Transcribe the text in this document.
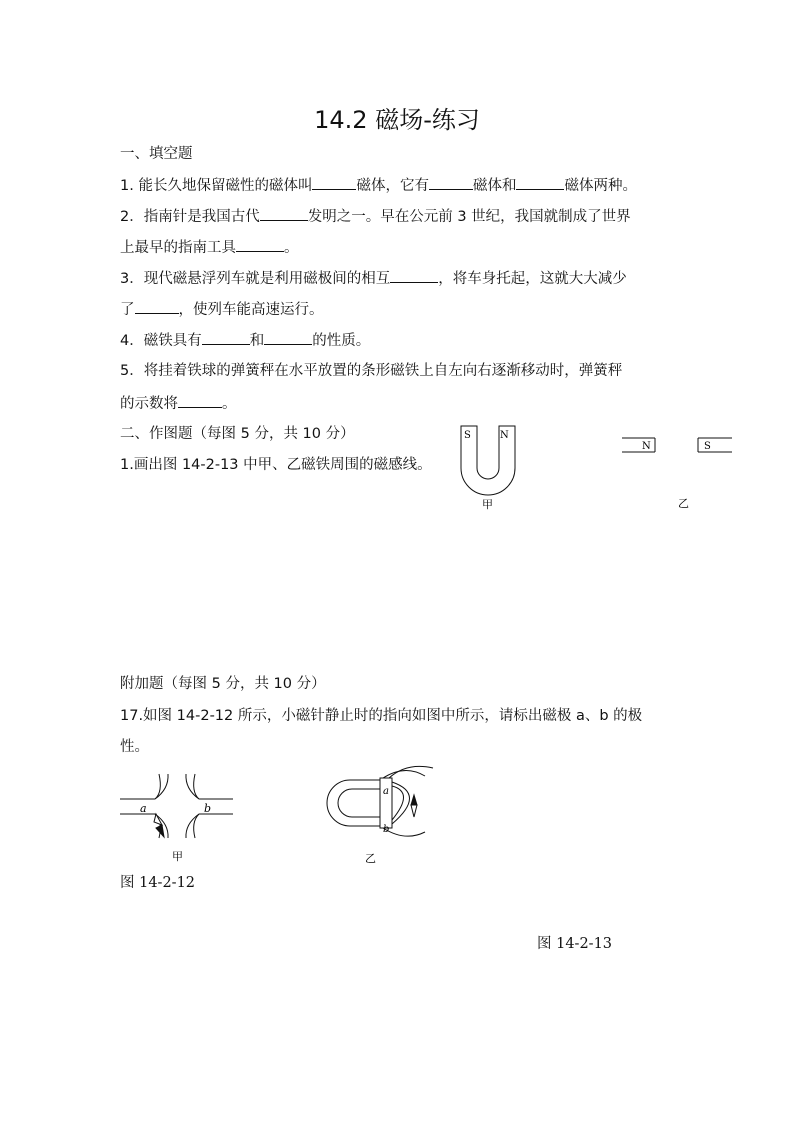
14.2 磁场-练习
一、填空题
1. 能长久地保留磁性的磁体叫	磁体，它有	磁体和	磁体两种。
2．指南针是我国古代	发明之一。早在公元前 3 世纪，我国就制成了世界
上最早的指南工具	。
3．现代磁悬浮列车就是利用磁极间的相互	，将车身托起，这就大大减少
了	，使列车能高速运行。
4．磁铁具有	和	的性质。
5．将挂着铁球的弹簧秤在水平放置的条形磁铁上自左向右逐渐移动时，弹簧秤
的示数将	。
二、作图题（每图 5 分，共 10 分）
1.画出图 14-2-13 中甲、乙磁铁周围的磁感线。
S	N
甲
N	S
乙
附加题（每图 5 分，共 10 分）
17.如图 14-2-12 所示，小磁针静止时的指向如图中所示，请标出磁极 a、b 的极
性。
a	b
甲
a
b
乙
图 14-2-12
图 14-2-13
